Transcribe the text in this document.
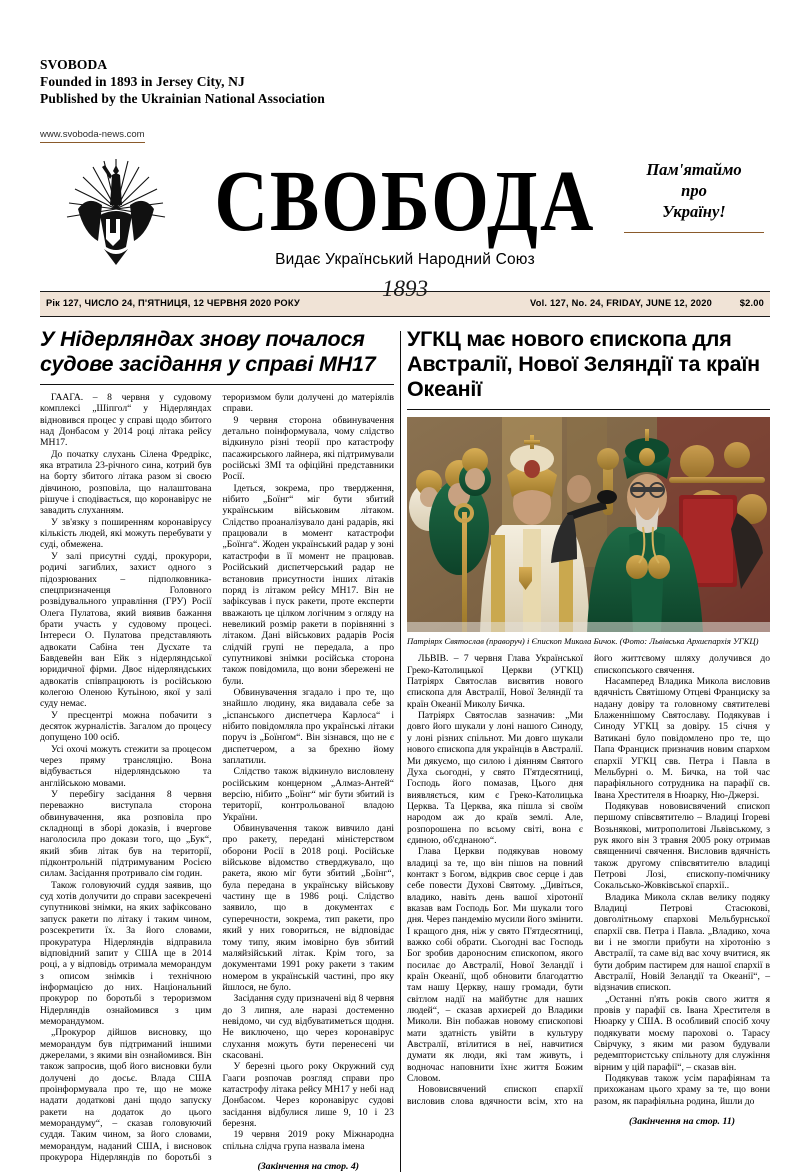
SVOBODA
Founded in 1893 in Jersey City, NJ
Published by the Ukrainian National Association
www.svoboda-news.com
СВОБОДА	Пам'ятаймо
про
Україну!
Видає Український Народний Союз
1893
Рік 127, ЧИСЛО 24, П'ЯТНИЦЯ, 12 ЧЕРВНЯ 2020 РОКУ	Vol. 127, No. 24, FRIDAY, JUNE 12, 2020	$2.00
У Нідерляндах знову почалося судове засідання у справі МН17

ГААГА. – 8 червня у судовому комплексі „Шіпгол“ у Нідерляндах відновився процес у справі щодо збитого над Донбасом у 2014 році літака рейсу МН17.

До початку слухань Сілена Фредрікс, яка втратила 23-річного сина, котрий був на борту збитого літака разом зі своєю дівчиною, розповіла, що налаштована рішуче і сподівається, що коронавірус не завадить слуханням.

У зв'язку з поширенням коронавірусу кількість людей, які можуть перебувати у суді, обмежена.

У залі присутні судді, прокурори, родичі загиблих, захист одного з підозрюваних – підполковника-спецпризначенця Головного розвідувального управління (ГРУ) Росії Олега Пулатова, який виявив бажання брати участь у судовому процесі. Інтереси О. Пулатова представляють адвокати Сабіна тен Дусхате та Бавдевейн ван Ейк з нідерляндської юридичної фірми. Двоє нідерляндських адвокатів співпрацюють із російською колегою Оленою Кутьіною, якої у залі суду немає.

У пресцентрі можна побачити з десяток журналістів. Загалом до процесу допущено 100 осіб.

Усі охочі можуть стежити за процесом через пряму трансляцію. Вона відбувається нідерляндською та англійською мовами.

У перебігу засідання 8 червня переважно виступала сторона обвинувачення, яка розповіла про складнощі в зборі доказів, і вчергове наголосила про докази того, що „Бук“, який збив літак був на території, підконтрольній підтримуваним Росією силам. Засідання протривало сім годин.

Також головуючий суддя заявив, що суд хотів долучити до справи засекречені супутникові знімки, на яких зафіксовано запуск ракети по літаку і таким чином, розсекретити їх. За його словами, прокуратура Нідерляндів відправила відповідний запит у США ще в 2014 році, а у відповідь отримала меморандум з описом знімків і технічною інформацією до них. Національний прокурор по боротьбі з тероризмом Нідерляндів ознайомився з цим меморандумом.

„Прокурор дійшов висновку, що меморандум був підтриманий іншими джерелами, з якими він ознайомився. Він також запросив, щоб його висновки були долучені до досьє. Влада США проінформувала про те, що не може надати додаткові дані щодо запуску ракети на додаток до цього меморандуму“, – сказав головуючий суддя. Таким чином, за його словами, меморандум, наданий США, і висновок прокурора Нідерляндів по боротьбі з тероризмом були долучені до матеріялів справи.

9 червня сторона обвинувачення детально поінформувала, чому слідство відкинуло різні теорії про катастрофу пасажирського лайнера, які підтримували російські ЗМІ та офіційні представники Росії.

Ідеться, зокрема, про твердження, нібито „Боїнг“ міг бути збитий українським військовим літаком. Слідство проаналізувало дані радарів, які працювали в момент катастрофи „Боїнга“. Жоден український радар у зоні катастрофи в її момент не працював. Російський диспетчерський радар не встановив присутности інших літаків поряд із літаком рейсу МН17. Він не зафіксував і пуск ракети, проте експерти вважають це цілком логічним з огляду на невеликий розмір ракети в порівнянні з літаком. Дані військових радарів Росія слідчій групі не передала, а про супутникові знімки російська сторона також повідомила, що вони збережені не були.

Обвинувачення згадало і про те, що знайшло людину, яка видавала себе за „іспанського диспетчера Карлоса“ і нібито повідомляла про українські літаки поруч із „Боїнґом“. Він зізнався, що не є диспетчером, а за брехню йому заплатили.

Слідство також відкинуло висловлену російським концерном „Алмаз-Антей“ версію, нібито „Боїнг“ міг бути збитий із території, контрольованої владою України.

Обвинувачення також вивчило дані про ракету, передані міністерством оборони Росії в 2018 році. Російське військове відомство стверджувало, що ракета, якою міг бути збитий „Боїнг“, була передана в українську військову частину ще в 1986 році. Слідство заявило, що в документах є суперечности, зокрема, тип ракети, про який у них говориться, не відповідає тому типу, яким імовірно був збитий маляйзійський літак. Крім того, за документами 1991 року ракети з таким номером в українській частині, про яку йшлося, не було.

Засідання суду призначені від 8 червня до 3 липня, але наразі достеменно невідомо, чи суд відбуватиметься щодня. Не виключено, що через коронавірус слухання можуть бути перенесені чи скасовані.

У березні цього року Окружний суд Гааги розпочав розгляд справи про катастрофу літака рейсу МН17 у небі над Донбасом. Через коронавірус судові засідання відбулися лише 9, 10 і 23 березня.

19 червня 2019 року Міжнародна спільна слідча група назвала імена

(Закінчення на стор. 4)

УГКЦ має нового єпископа для Австралії, Нової Зеляндії та країн Океанії
Патріярх Святослав (праворуч) і Єпископ Микола Бичок. (Фото: Львівська Архиєпархія УГКЦ)

ЛЬВІВ. – 7 червня Глава Української Греко-Католицької Церкви (УГКЦ) Патріярх Святослав висвятив нового єпископа для Австралії, Нової Зеляндії та країн Океанії Миколу Бичка.

Патріярх Святослав зазначив: „Ми довго його шукали у лоні нашого Синоду, у лоні різних спільнот. Ми довго шукали нового єпископа для українців в Австралії. Ми дякуємо, що силою і діянням Святого Духа сьогодні, у свято П'ятдесятниці, Господь його помазав, Цього дня виявляється, ким є Греко-Католицька Церква. Та Церква, яка пішла зі своїм народом аж до країв землі. Але, розпорошена по всьому світі, вона є єдиною, об'єднаною“.

Глава Церкви подякував новому владиці за те, що він пішов на повний контакт з Богом, відкрив своє серце і дав себе повести Духові Святому. „Дивіться, владико, навіть день вашої хіротонії вказав вам Господь Бог. Ми шукали того дня. Через пандемію мусили його змінити. І кращого дня, ніж у свято П'ятдесятниці, важко собі обрати. Сьогодні вас Господь Бог зробив дароносним єпископом, якого посилає до Австралії, Нової Зеландії і країн Океанії, щоб обновити благодаттю там нашу Церкву, нашу громади, бути світлом надії на майбутнє для наших людей“, – сказав архиєрей до Владики Миколи. Він побажав новому єпископові мати здатність увійти в культуру Австралії, втілитися в неї, навчитися думати як люди, які там живуть, і водночас наповнити їхнє життя Божим Словом.

Нововисвячений єпископ єпархії висловив слова вдячности всім, хто на його життєвому шляху долучився до єпископського свячення.

Насамперед Владика Микола висловив вдячність Святішому Отцеві Франциску за надану довіру та головному святителеві Блаженнішому Святославу. Подякував і Синоду УГКЦ за довіру. 15 січня у Ватикані було повідомлено про те, що Папа Франциск призначив новим єпархом єпархії УГКЦ свв. Петра і Павла в Мельбурні о. М. Бичка, на той час парафіяльного сотрудника на парафії св. Івана Хрестителя в Нюарку, Ню-Джерзі.

Подякував нововисвячений єпископ першому співсвятителю – Владиці Ігореві Возьнякові, митрополитові Львівському, з рук якого він 3 травня 2005 року отримав священничі свячення. Висловив вдячність також другому співсвятителю владиці Петрові Лозі, єпископу-помічнику Сокальсько-Жовківської єпархії..

Владика Микола склав велику подяку Владиці Петрові Стасюкові, довголітньому єпархові Мельбурнської єпархії свв. Петра і Павла. „Владико, хоча ви і не змогли прибути на хіротонію з Австралії, та саме від вас хочу вчитися, як бути добрим пастирем для нашої єпархії в Австралії, Новій Зеландії та Океанії“, – відзначив єпископ.

„Останні п'ять років свого життя я провів у парафії св. Івана Хрестителя в Нюарку у США. В особливий спосіб хочу подякувати моєму парохові о. Тарасу Свірчуку, з яким ми разом будували редемптористську спільноту для служіння вірним у цій парафії“, – сказав він.

Подякував також усім парафіянам та прихожанам цього храму за те, що вони разом, як парафіяльна родина, йшли до

(Закінчення на стор. 11)
